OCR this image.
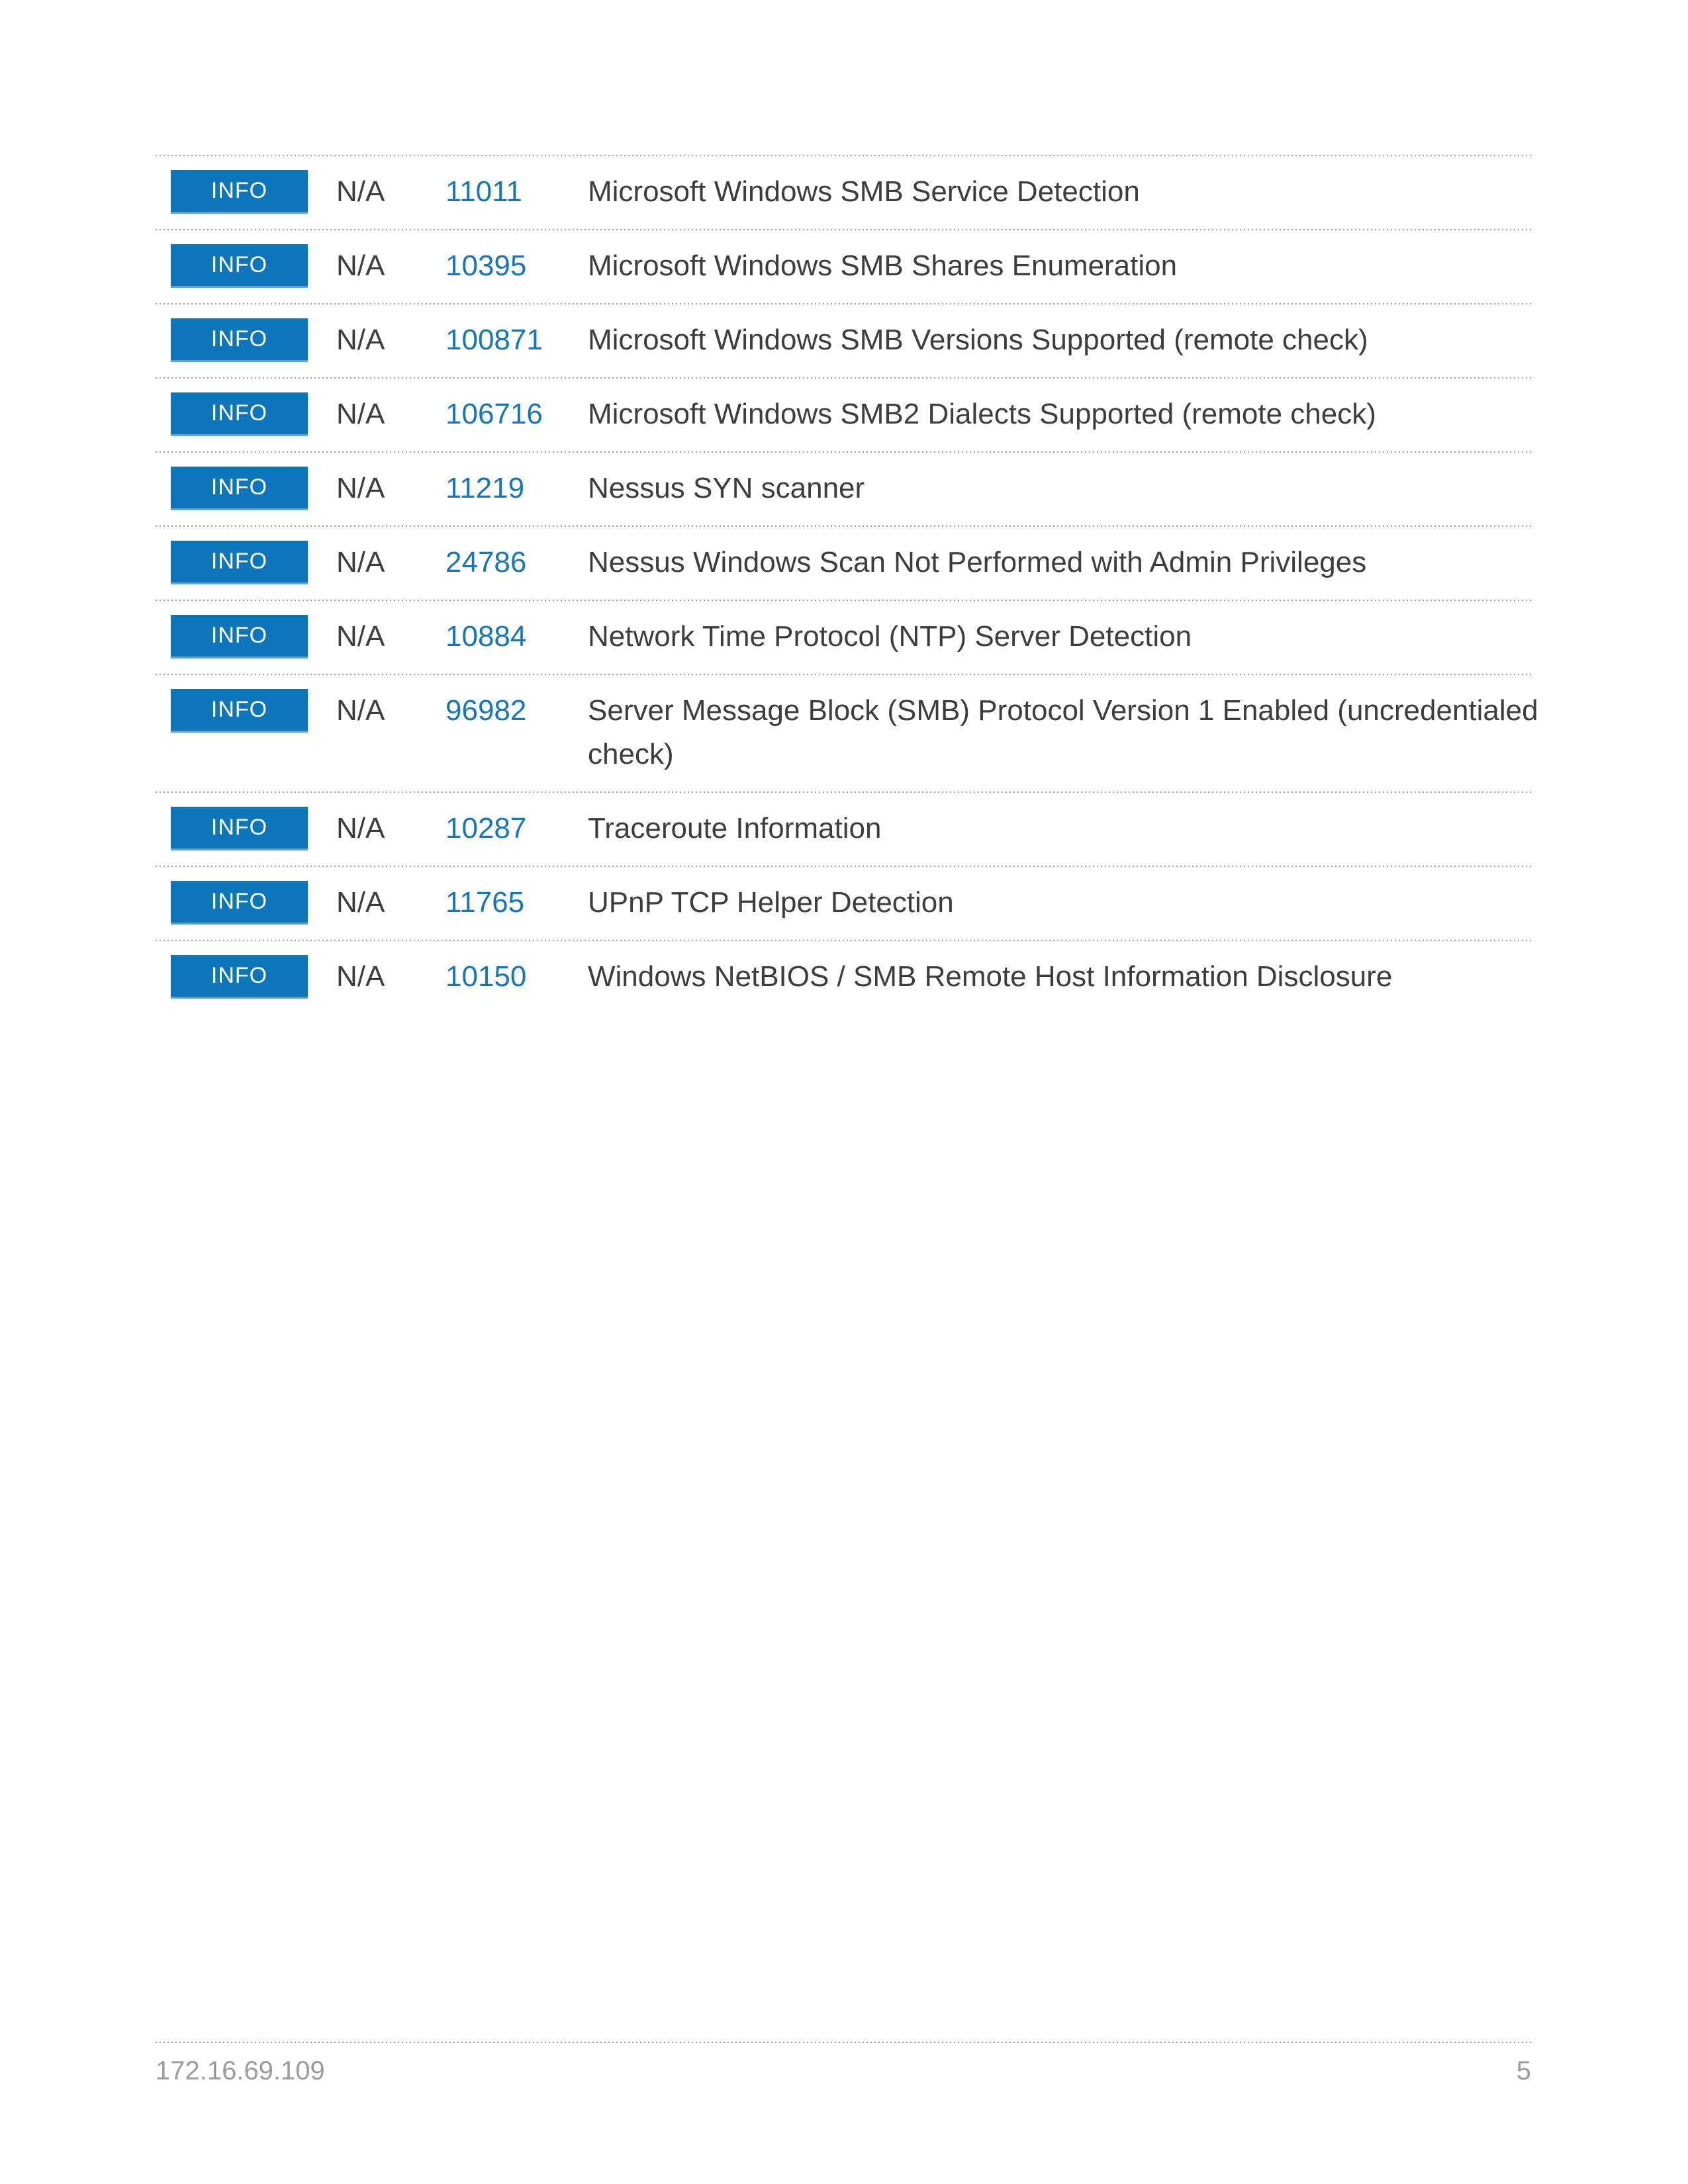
INFO	N/A	11011	Microsoft Windows SMB Service Detection
INFO	N/A	10395	Microsoft Windows SMB Shares Enumeration
INFO	N/A	100871	Microsoft Windows SMB Versions Supported (remote check)
INFO	N/A	106716	Microsoft Windows SMB2 Dialects Supported (remote check)
INFO	N/A	11219	Nessus SYN scanner
INFO	N/A	24786	Nessus Windows Scan Not Performed with Admin Privileges
INFO	N/A	10884	Network Time Protocol (NTP) Server Detection
INFO	N/A	96982	Server Message Block (SMB) Protocol Version 1 Enabled (uncredentialed check)
INFO	N/A	10287	Traceroute Information
INFO	N/A	11765	UPnP TCP Helper Detection
INFO	N/A	10150	Windows NetBIOS / SMB Remote Host Information Disclosure
172.16.69.109	5
